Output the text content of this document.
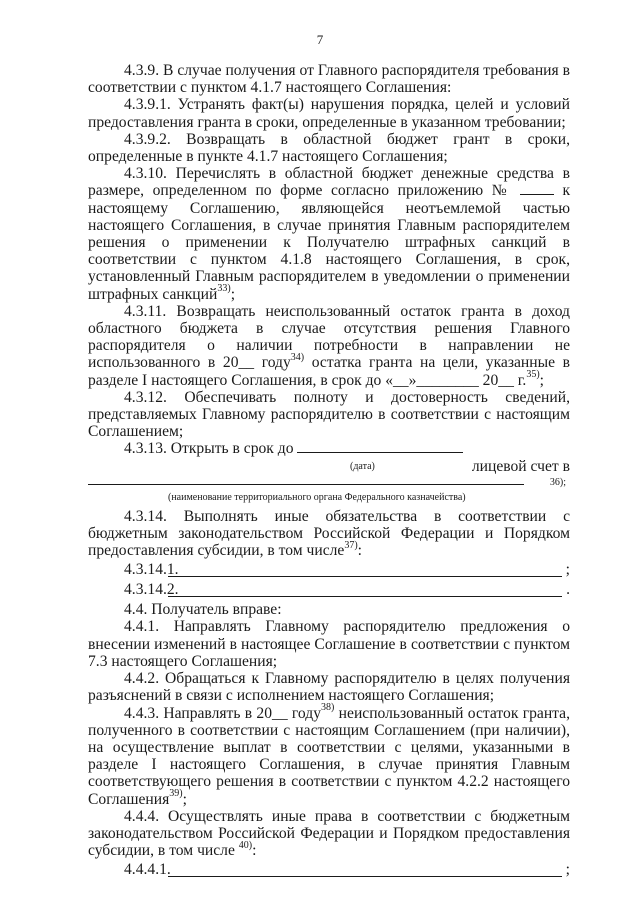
7

4.3.9. В случае получения от Главного распорядителя требования в соответствии с пунктом 4.1.7 настоящего Соглашения:

4.3.9.1. Устранять факт(ы) нарушения порядка, целей и условий предоставления гранта в сроки, определенные в указанном требовании;

4.3.9.2. Возвращать в областной бюджет грант в сроки, определенные в пункте 4.1.7 настоящего Соглашения;

4.3.10. Перечислять в областной бюджет денежные средства в размере, определенном по форме согласно приложению №	к настоящему Соглашению, являющейся неотъемлемой частью настоящего Соглашения, в случае принятия Главным распорядителем решения о применении к Получателю штрафных санкций в соответствии с пунктом 4.1.8 настоящего Соглашения, в срок, установленный Главным распорядителем в уведомлении о применении штрафных санкций$^{33)}$;

4.3.11. Возвращать неиспользованный остаток гранта в доход областного бюджета в случае отсутствия решения Главного распорядителя о наличии потребности в направлении не использованного в 20__ году$^{34)}$ остатка гранта на цели, указанные в разделе I настоящего Соглашения, в срок до «__»________ 20__ г.$^{35)}$;

4.3.12. Обеспечивать полноту и достоверность сведений, представляемых Главному распорядителю в соответствии с настоящим Соглашением;

4.3.13. Открыть в срок до
лицевой счет в

(дата)
36);
(наименование территориального органа Федерального казначейства)

4.3.14. Выполнять иные обязательства в соответствии с бюджетным законодательством Российской Федерации и Порядком предоставления субсидии, в том числе$^{37)}$:

4.3.14.1.	;
4.3.14.2.	.

4.4. Получатель вправе:

4.4.1. Направлять Главному распорядителю предложения о внесении изменений в настоящее Соглашение в соответствии с пунктом 7.3 настоящего Соглашения;

4.4.2. Обращаться к Главному распорядителю в целях получения разъяснений в связи с исполнением настоящего Соглашения;

4.4.3. Направлять в 20__ году$^{38)}$ неиспользованный остаток гранта, полученного в соответствии с настоящим Соглашением (при наличии), на осуществление выплат в соответствии с целями, указанными в разделе I настоящего Соглашения, в случае принятия Главным соответствующего решения в соответствии с пунктом 4.2.2 настоящего Соглашения$^{39)}$;

4.4.4. Осуществлять иные права в соответствии с бюджетным законодательством Российской Федерации и Порядком предоставления субсидии, в том числе $^{40)}$:

4.4.4.1.	;
